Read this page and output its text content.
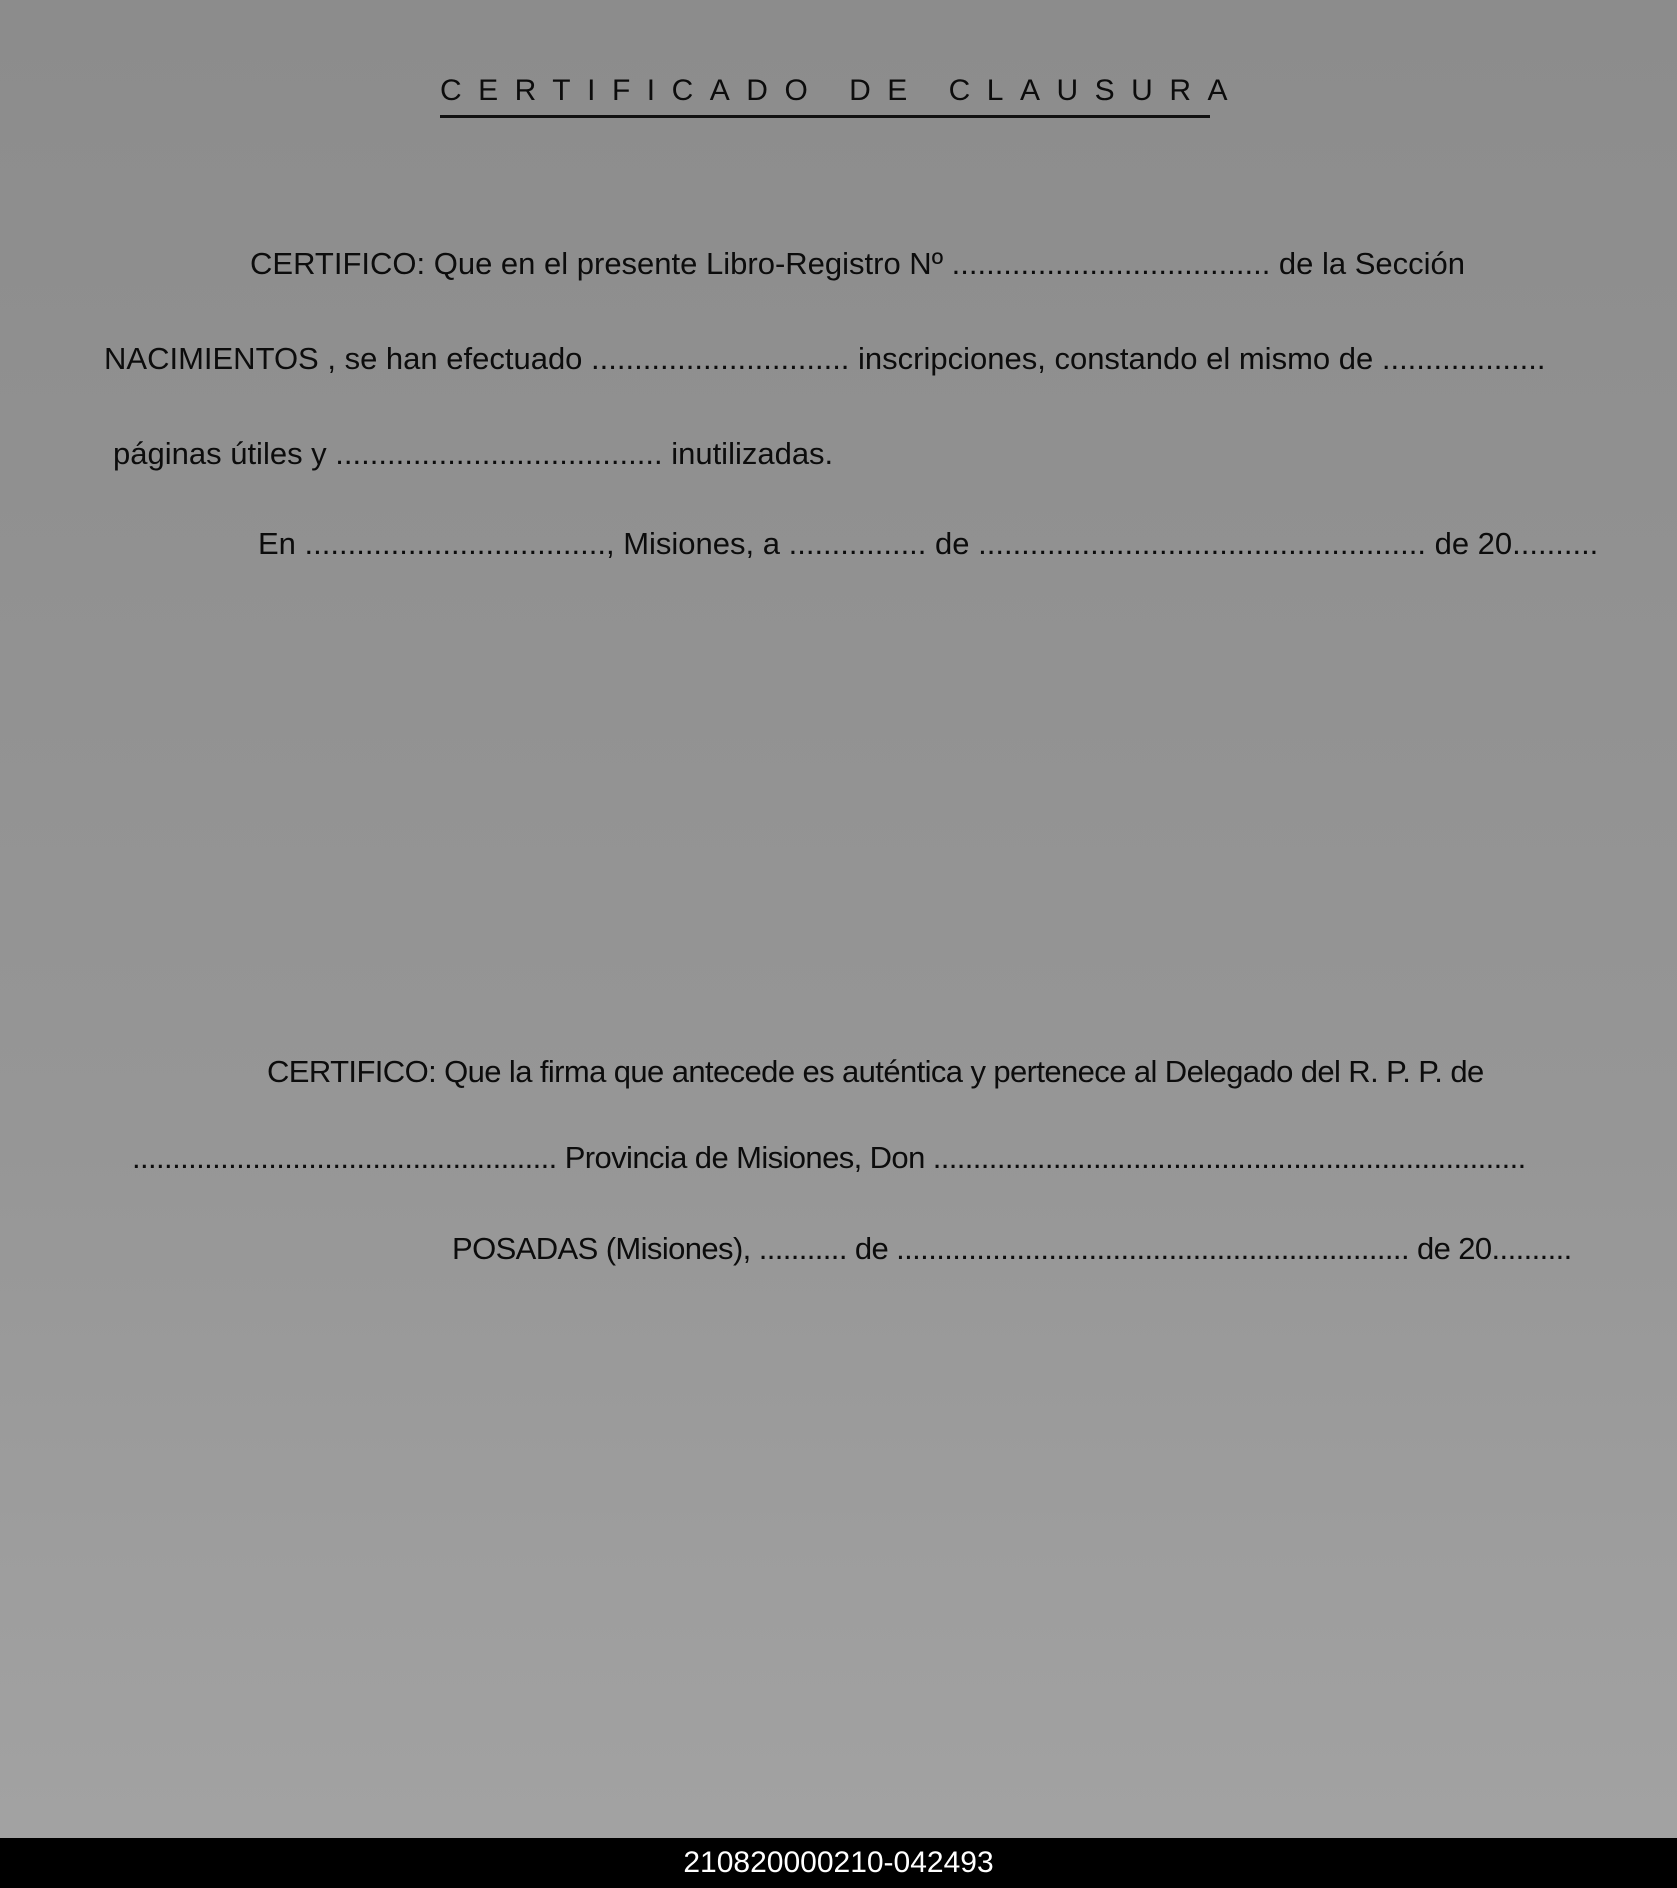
CERTIFICADO DE CLAUSURA
CERTIFICO: Que en el presente Libro-Registro Nº ..................................... de la Sección
NACIMIENTOS , se han efectuado .............................. inscripciones, constando el mismo de ...................
páginas útiles y ...................................... inutilizadas.
En ..................................., Misiones, a ................ de .................................................... de 20..........
CERTIFICO: Que la firma que antecede es auténtica y pertenece al Delegado del R. P. P. de
..................................................... Provincia de Misiones, Don ..........................................................................
POSADAS (Misiones), ........... de ................................................................ de 20..........
210820000210-042493
